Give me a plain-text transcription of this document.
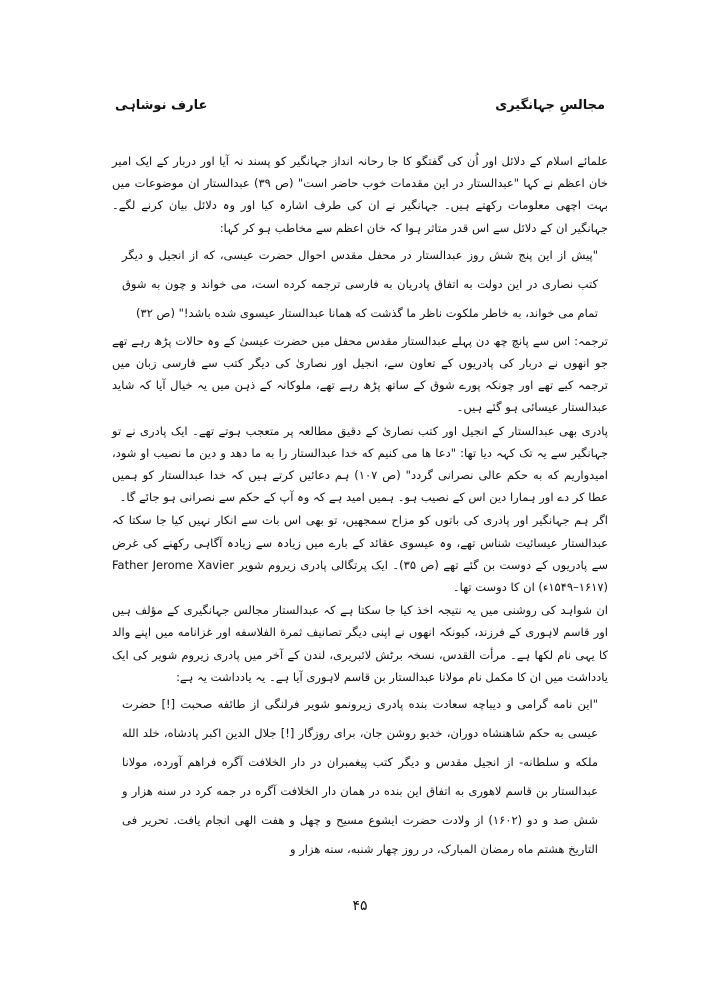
مجالسِ جہانگیری
عارف نوشاہی

علمائے اسلام کے دلائل اور اُن کی گفتگو کا جا رحانہ انداز جہانگیر کو پسند نہ آیا اور دربار کے ایک امیر خان اعظم نے کہا "عبدالستار در این مقدمات خوب حاضر است" (ص ۳۹) عبدالستار ان موضوعات میں بہت اچھی معلومات رکھتے ہیں۔ جہانگیر نے ان کی طرف اشارہ کیا اور وہ دلائل بیان کرنے لگے۔ جہانگیر ان کے دلائل سے اس قدر متاثر ہوا کہ خان اعظم سے مخاطب ہو کر کہا:

"پیش از این پنج شش روز عبدالستار در محفل مقدس احوال حضرت عیسی، که از انجیل و دیگر کتب نصاری در این دولت به اتفاق پادریان به فارسی ترجمه کرده است، می خواند و چون به شوق تمام می خواند، به خاطر ملکوت ناظر ما گذشت که همانا عبدالستار عیسوی شده باشد!" (ص ۳۲)

ترجمہ: اس سے پانچ چھ دن پہلے عبدالستار مقدس محفل میں حضرت عیسیٰ کے وہ حالات پڑھ رہے تھے جو انھوں نے دربار کی پادریوں کے تعاون سے، انجیل اور نصاریٰ کی دیگر کتب سے فارسی زبان میں ترجمہ کیے تھے اور چونکہ پورے شوق کے ساتھ پڑھ رہے تھے، ملوکانہ کے ذہن میں یہ خیال آیا کہ شاید عبدالستار عیسائی ہو گئے ہیں۔

پادری بھی عبدالستار کے انجیل اور کتب نصاریٰ کے دقیق مطالعہ پر متعجب ہوتے تھے۔ ایک پادری نے تو جہانگیر سے یہ تک کہہ دیا تھا: "دعا ها می کنیم که خدا عبدالستار را به ما دهد و دین ما نصیب او شود، امیدواریم که به حکم عالی نصرانی گردد" (ص ۱۰۷) ہم دعائیں کرتے ہیں کہ خدا عبدالستار کو ہمیں عطا کر دے اور ہمارا دین اس کے نصیب ہو۔ ہمیں امید ہے کہ وہ آپ کے حکم سے نصرانی ہو جائے گا۔

اگر ہم جہانگیر اور پادری کی باتوں کو مزاح سمجھیں، تو بھی اس بات سے انکار نہیں کیا جا سکتا کہ عبدالستار عیسائیت شناس تھے، وہ عیسوی عقائد کے بارے میں زیادہ سے زیادہ آگاہی رکھنے کی غرض سے پادریوں کے دوست بن گئے تھے (ص ۳۵)۔ ایک پرتگالی پادری زیروم شویر Father Jerome Xavier (۱۵۴۹–۱۶۱۷ء) ان کا دوست تھا۔

ان شواہد کی روشنی میں یہ نتیجہ اخذ کیا جا سکتا ہے کہ عبدالستار مجالس جہانگیری کے مؤلف ہیں اور قاسم لاہوری کے فرزند، کیونکہ انھوں نے اپنی دیگر تصانیف ثمرة الفلاسفه اور غزانامه میں اپنے والد کا یہی نام لکھا ہے۔ مرأت القدس، نسخہ برٹش لائبریری، لندن کے آخر میں پادری زیروم شویر کی ایک یادداشت میں ان کا مکمل نام مولانا عبدالستار بن قاسم لاہوری آیا ہے۔ یہ یادداشت یہ ہے:

"این نامه گرامی و دیباچه سعادت بنده پادری زیرونمو شویر فرلنگی از طائفه صحبت [!] حضرت عیسی به حکم شاهنشاه دوران، خدیو روشن جان، برای روزگار [!] جلال الدین اکبر پادشاه، خلد الله ملکه و سلطانه- از انجیل مقدس و دیگر کتب پیغمبران در دار الخلافت آگره فراهم آورده، مولانا عبدالستار بن قاسم لاهوری به اتفاق این بنده در همان دار الخلافت آگره در جمه کرد در سنه هزار و شش صد و دو (۱۶۰۲) از ولادت حضرت ایشوع مسیح و چهل و هفت الهی انجام یافت. تحریر فی التاریخ هشتم ماه رمضان المبارک، در روز چهار شنبه، سنه هزار و

۴۵
